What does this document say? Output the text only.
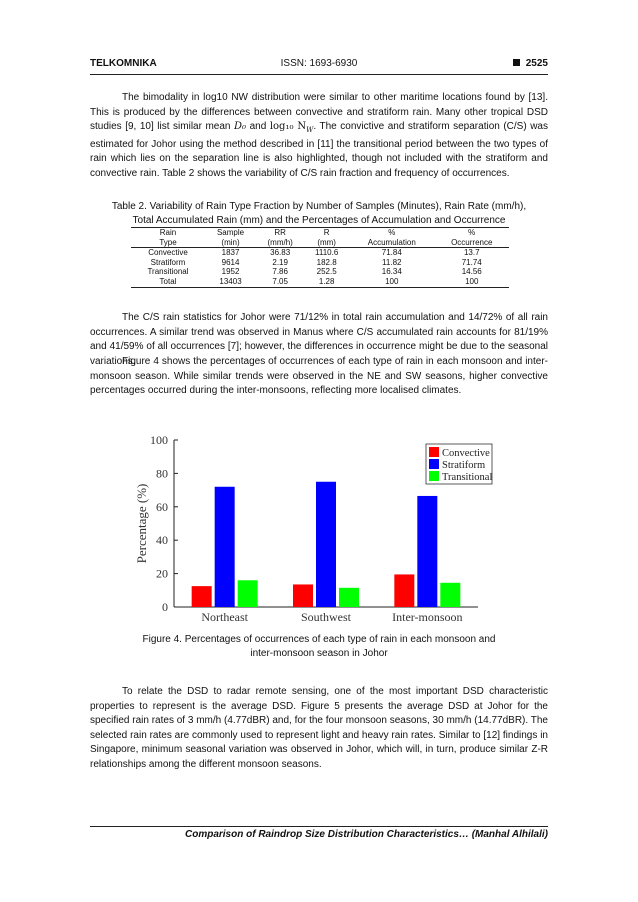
TELKOMNIKA	ISSN: 1693-6930	2525

The bimodality in log10 NW distribution were similar to other maritime locations found by [13]. This is produced by the differences between convective and stratiform rain. Many other tropical DSD studies [9, 10] list similar mean D₀ and log₁₀ $N_W$. The convictive and stratiform separation (C/S) was estimated for Johor using the method described in [11] the transitional period between the two types of rain which lies on the separation line is also highlighted, though not included with the stratiform and convective rain. Table 2 shows the variability of C/S rain fraction and frequency of occurrences.

Table 2. Variability of Rain Type Fraction by Number of Samples (Minutes), Rain Rate (mm/h),
Total Accumulated Rain (mm) and the Percentages of Accumulation and Occurrence

Rain	Sample	RR	R	%	%
Type	(min)	(mm/h)	(mm)	Accumulation	Occurrence
Convective	1837	36.83	1110.6	71.84	13.7
Stratiform	9614	2.19	182.8	11.82	71.74
Transitional	1952	7.86	252.5	16.34	14.56
Total	13403	7.05	1.28	100	100

The C/S rain statistics for Johor were 71/12% in total rain accumulation and 14/72% of all rain occurrences. A similar trend was observed in Manus where C/S accumulated rain accounts for 81/19% and 41/59% of all occurrences [7]; however, the differences in occurrence might be due to the seasonal variations.

Figure 4 shows the percentages of occurrences of each type of rain in each monsoon and inter-monsoon season. While similar trends were observed in the NE and SW seasons, higher convective percentages occurred during the inter-monsoons, reflecting more localised climates.

0
20
40
60
80
100
Percentage (%)
Northeast	Southwest	Inter-monsoon
Convective
Stratiform
Transitional

Figure 4. Percentages of occurrences of each type of rain in each monsoon and
inter-monsoon season in Johor

To relate the DSD to radar remote sensing, one of the most important DSD characteristic properties to represent is the average DSD. Figure 5 presents the average DSD at Johor for the specified rain rates of 3 mm/h (4.77dBR) and, for the four monsoon seasons, 30 mm/h (14.77dBR). The selected rain rates are commonly used to represent light and heavy rain rates. Similar to [12] findings in Singapore, minimum seasonal variation was observed in Johor, which will, in turn, produce similar Z-R relationships among the different monsoon seasons.

Comparison of Raindrop Size Distribution Characteristics… (Manhal Alhilali)
